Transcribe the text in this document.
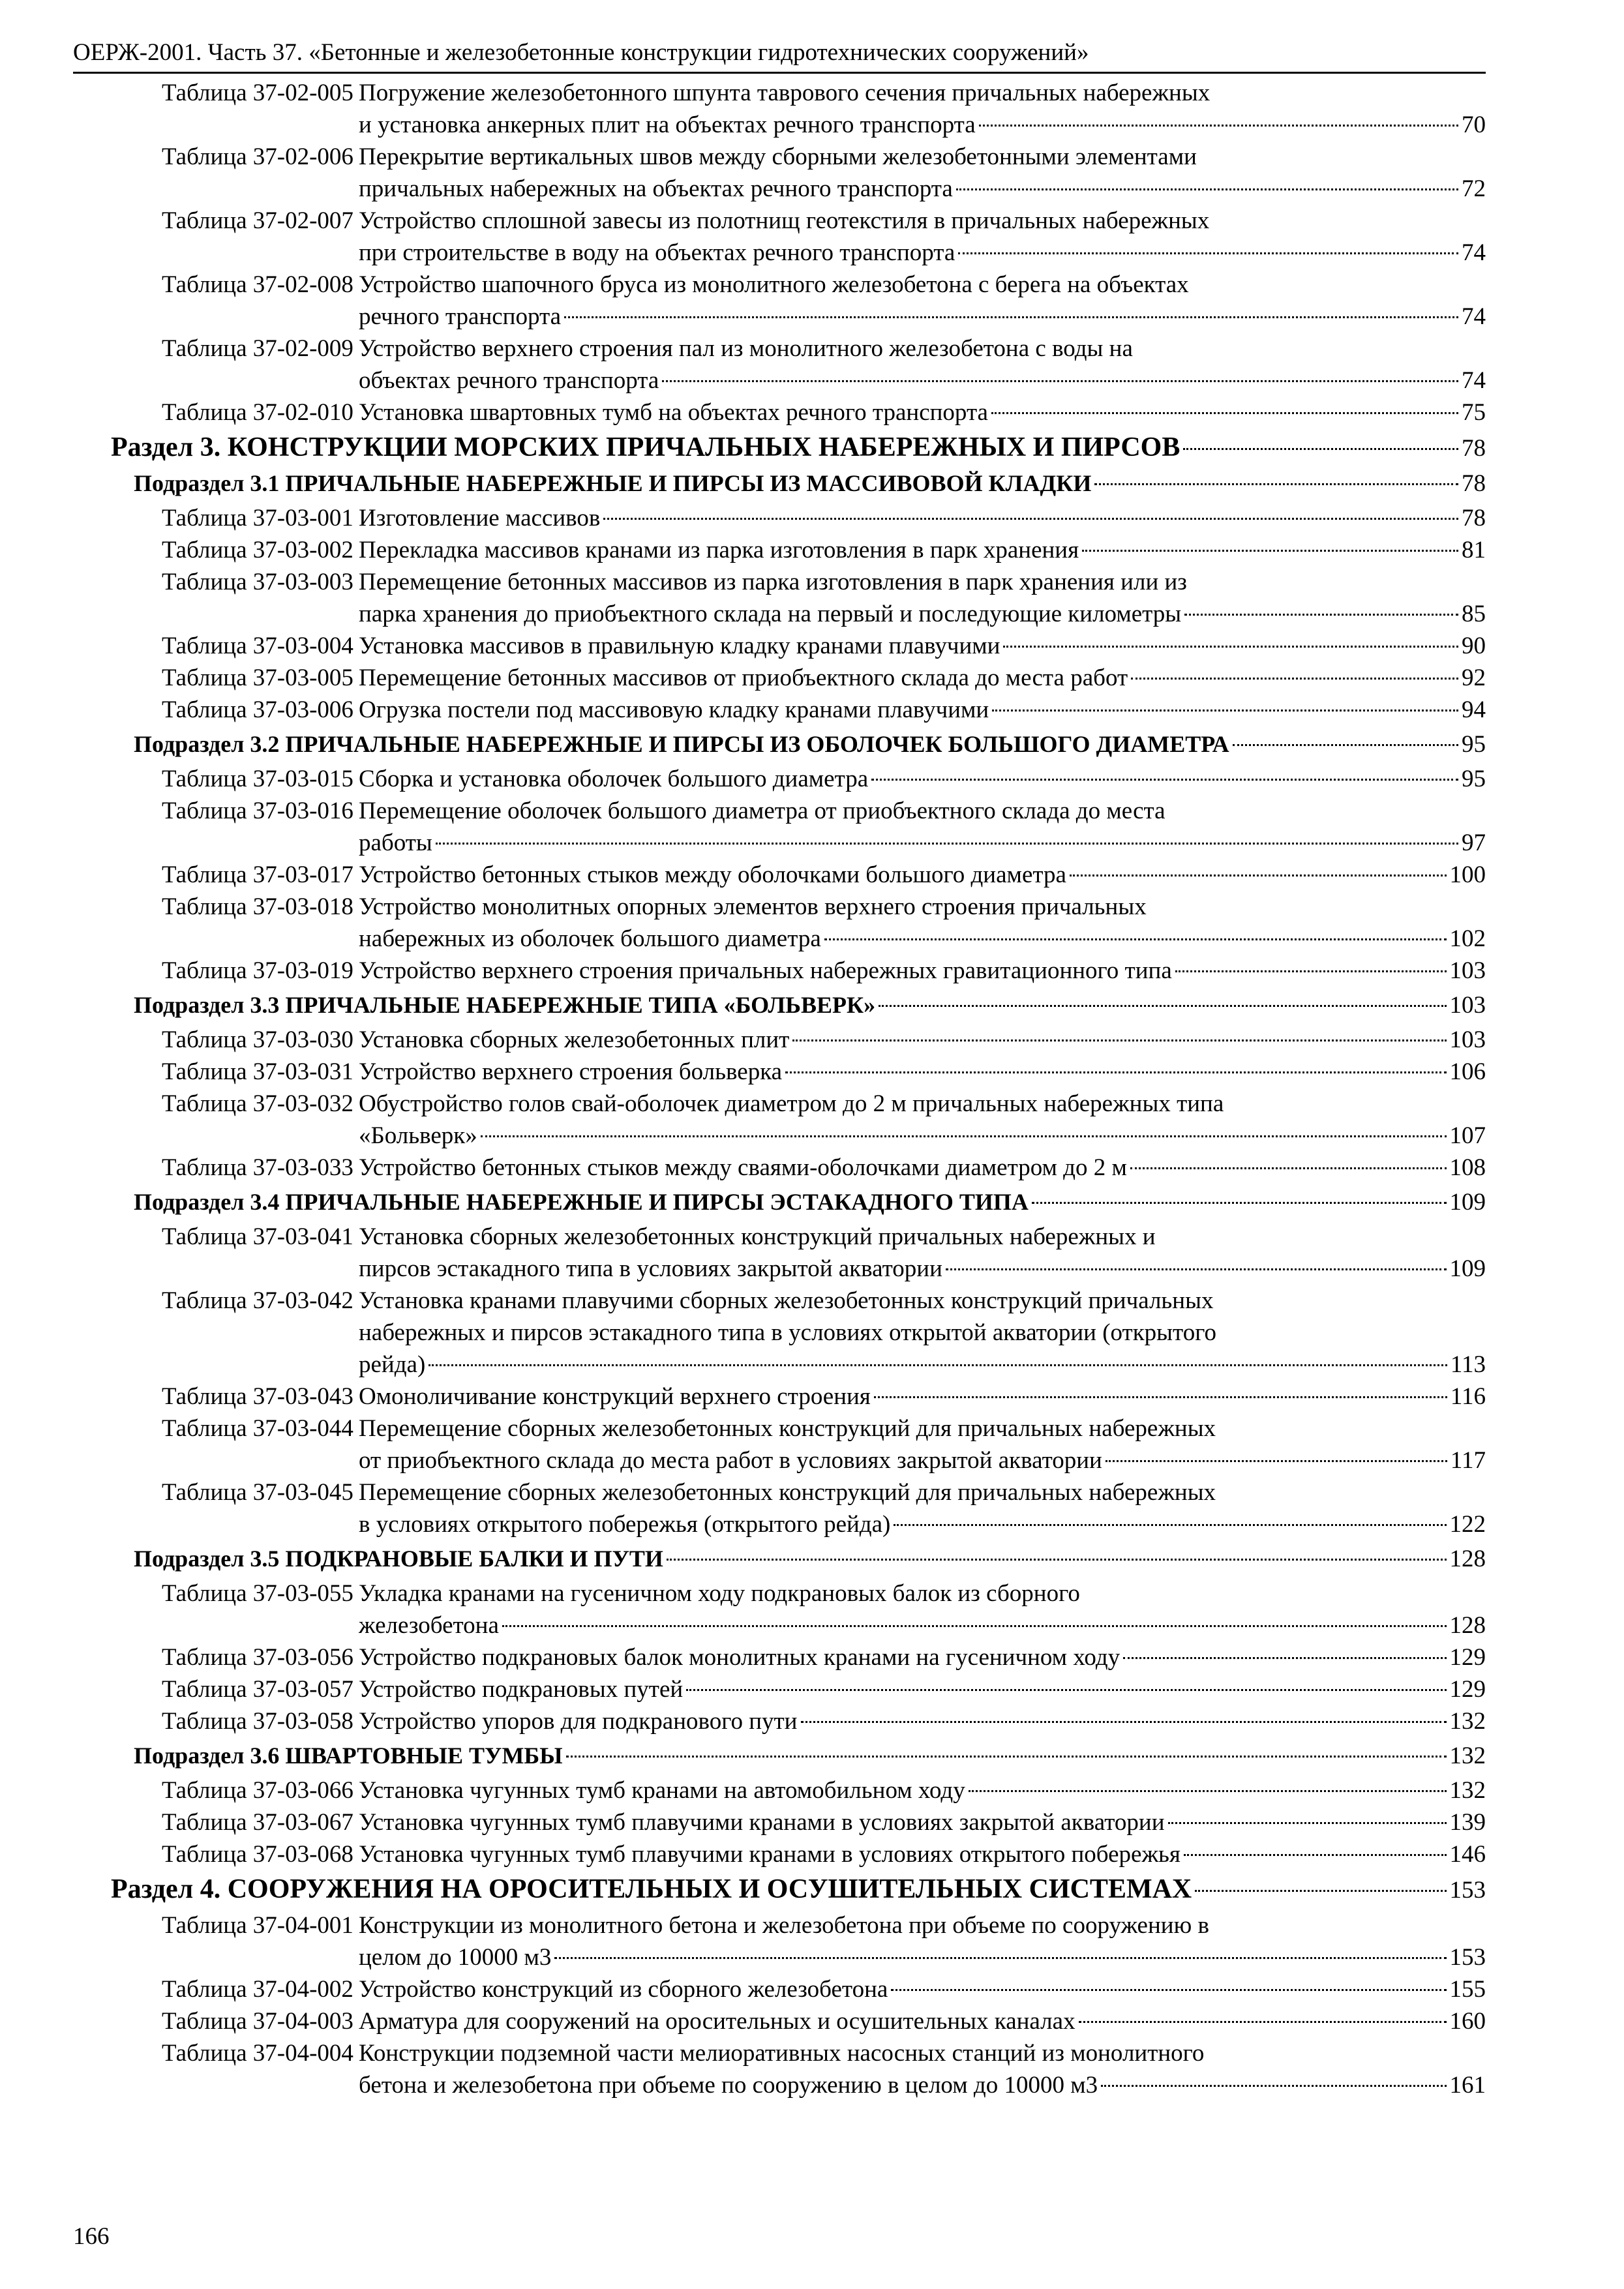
ОЕРЖ-2001. Часть 37. «Бетонные и железобетонные конструкции гидротехнических сооружений»
Таблица 37-02-005 Погружение железобетонного шпунта таврового сечения причальных набережных
и установка анкерных плит на объектах речного транспорта	70
Таблица 37-02-006 Перекрытие вертикальных швов между сборными железобетонными элементами
причальных набережных на объектах речного транспорта	72
Таблица 37-02-007 Устройство сплошной завесы из полотнищ геотекстиля в причальных набережных
при строительстве в воду на объектах речного транспорта	74
Таблица 37-02-008 Устройство шапочного бруса из монолитного железобетона с берега на объектах
речного транспорта	74
Таблица 37-02-009 Устройство верхнего строения пал из монолитного железобетона с воды на
объектах речного транспорта	74
Таблица 37-02-010 Установка швартовных тумб на объектах речного транспорта	75
Раздел 3. КОНСТРУКЦИИ МОРСКИХ ПРИЧАЛЬНЫХ НАБЕРЕЖНЫХ И ПИРСОВ	78
Подраздел 3.1 ПРИЧАЛЬНЫЕ НАБЕРЕЖНЫЕ И ПИРСЫ ИЗ МАССИВОВОЙ КЛАДКИ	78
Таблица 37-03-001 Изготовление массивов	78
Таблица 37-03-002 Перекладка массивов кранами из парка изготовления в парк хранения	81
Таблица 37-03-003 Перемещение бетонных массивов из парка изготовления в парк хранения или из
парка хранения до приобъектного склада на первый и последующие километры	85
Таблица 37-03-004 Установка массивов в правильную кладку кранами плавучими	90
Таблица 37-03-005 Перемещение бетонных массивов от приобъектного склада до места работ	92
Таблица 37-03-006 Огрузка постели под массивовую кладку кранами плавучими	94
Подраздел 3.2 ПРИЧАЛЬНЫЕ НАБЕРЕЖНЫЕ И ПИРСЫ ИЗ ОБОЛОЧЕК БОЛЬШОГО ДИАМЕТРА	95
Таблица 37-03-015 Сборка и установка оболочек большого диаметра	95
Таблица 37-03-016 Перемещение оболочек большого диаметра от приобъектного склада до места
работы	97
Таблица 37-03-017 Устройство бетонных стыков между оболочками большого диаметра	100
Таблица 37-03-018 Устройство монолитных опорных элементов верхнего строения причальных
набережных из оболочек большого диаметра	102
Таблица 37-03-019 Устройство верхнего строения причальных набережных гравитационного типа	103
Подраздел 3.3 ПРИЧАЛЬНЫЕ НАБЕРЕЖНЫЕ ТИПА «БОЛЬВЕРК»	103
Таблица 37-03-030 Установка сборных железобетонных плит	103
Таблица 37-03-031 Устройство верхнего строения больверка	106
Таблица 37-03-032 Обустройство голов свай-оболочек диаметром до 2 м причальных набережных типа
«Больверк»	107
Таблица 37-03-033 Устройство бетонных стыков между сваями-оболочками диаметром до 2 м	108
Подраздел 3.4 ПРИЧАЛЬНЫЕ НАБЕРЕЖНЫЕ И ПИРСЫ ЭСТАКАДНОГО ТИПА	109
Таблица 37-03-041 Установка сборных железобетонных конструкций причальных набережных и
пирсов эстакадного типа в условиях закрытой акватории	109
Таблица 37-03-042 Установка кранами плавучими сборных железобетонных конструкций причальных
набережных и пирсов эстакадного типа в условиях открытой акватории (открытого
рейда)	113
Таблица 37-03-043 Омоноличивание конструкций верхнего строения	116
Таблица 37-03-044 Перемещение сборных железобетонных конструкций для причальных набережных
от приобъектного склада до места работ в условиях закрытой акватории	117
Таблица 37-03-045 Перемещение сборных железобетонных конструкций для причальных набережных
в условиях открытого побережья (открытого рейда)	122
Подраздел 3.5 ПОДКРАНОВЫЕ БАЛКИ И ПУТИ	128
Таблица 37-03-055 Укладка кранами на гусеничном ходу подкрановых балок из сборного
железобетона	128
Таблица 37-03-056 Устройство подкрановых балок монолитных кранами на гусеничном ходу	129
Таблица 37-03-057 Устройство подкрановых путей	129
Таблица 37-03-058 Устройство упоров для подкранового пути	132
Подраздел 3.6 ШВАРТОВНЫЕ ТУМБЫ	132
Таблица 37-03-066 Установка чугунных тумб кранами на автомобильном ходу	132
Таблица 37-03-067 Установка чугунных тумб плавучими кранами в условиях закрытой акватории	139
Таблица 37-03-068 Установка чугунных тумб плавучими кранами в условиях открытого побережья	146
Раздел 4. СООРУЖЕНИЯ НА ОРОСИТЕЛЬНЫХ И ОСУШИТЕЛЬНЫХ СИСТЕМАХ	153
Таблица 37-04-001 Конструкции из монолитного бетона и железобетона при объеме по сооружению в
целом до 10000 м3	153
Таблица 37-04-002 Устройство конструкций из сборного железобетона	155
Таблица 37-04-003 Арматура для сооружений на оросительных и осушительных каналах	160
Таблица 37-04-004 Конструкции подземной части мелиоративных насосных станций из монолитного
бетона и железобетона при объеме по сооружению в целом до 10000 м3	161
166
